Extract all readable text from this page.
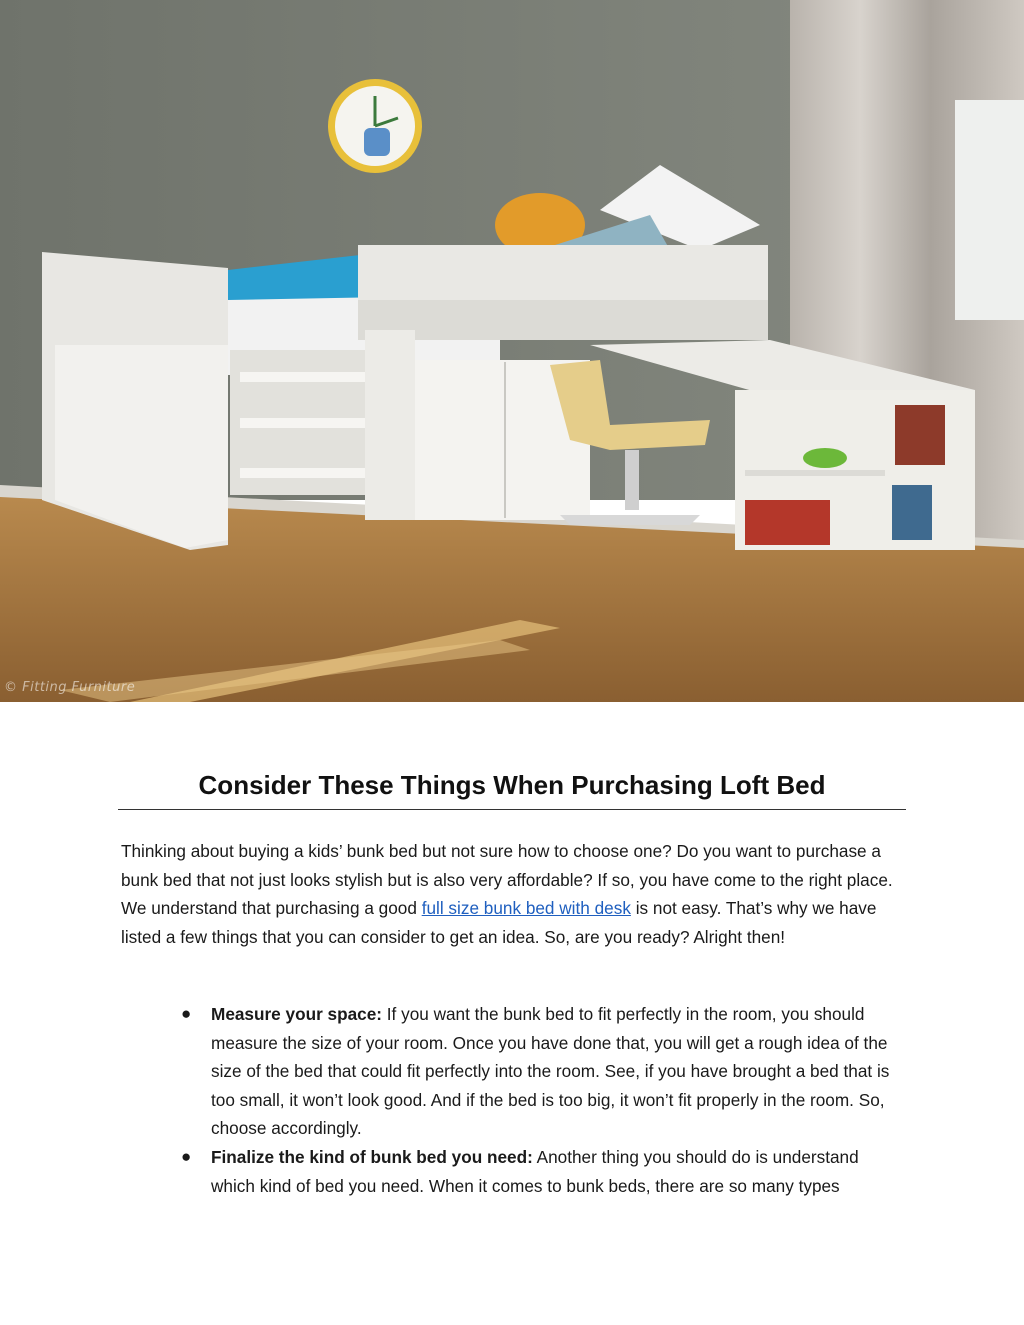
© Fitting Furniture
Consider These Things When Purchasing Loft Bed

Thinking about buying a kids’ bunk bed but not sure how to choose one? Do you want to purchase a bunk bed that not just looks stylish but is also very affordable? If so, you have come to the right place. We understand that purchasing a good full size bunk bed with desk is not easy. That’s why we have listed a few things that you can consider to get an idea. So, are you ready? Alright then!

● Measure your space: If you want the bunk bed to fit perfectly in the room, you should measure the size of your room. Once you have done that, you will get a rough idea of the size of the bed that could fit perfectly into the room. See, if you have brought a bed that is too small, it won’t look good. And if the bed is too big, it won’t fit properly in the room. So, choose accordingly.
● Finalize the kind of bunk bed you need: Another thing you should do is understand which kind of bed you need. When it comes to bunk beds, there are so many types
